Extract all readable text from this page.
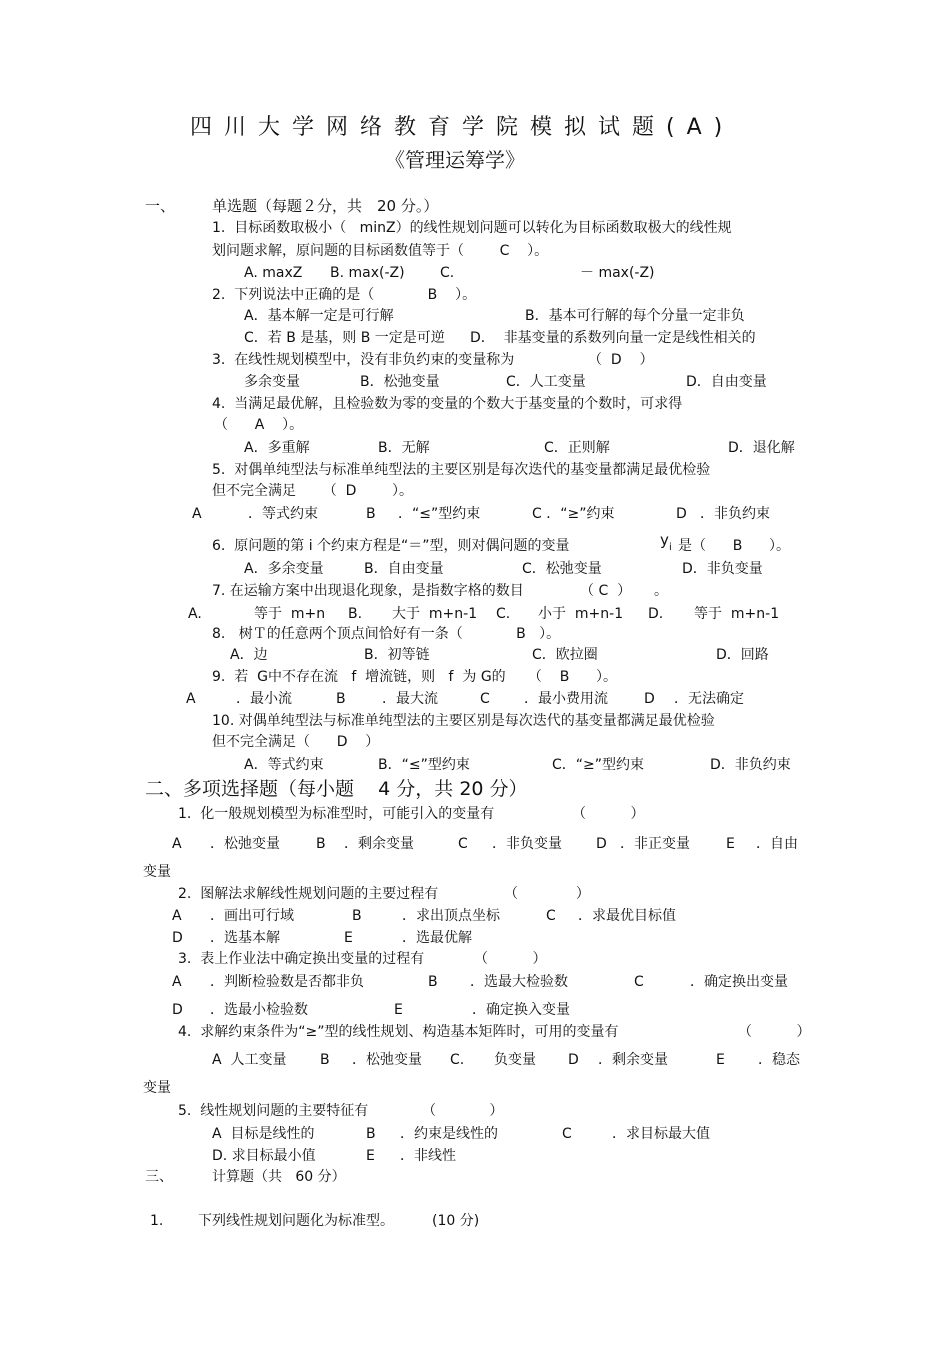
四川大学网络教育学院模拟试题(A)
《管理运筹学》
一、 单选题（每题２分，共　20 分。）
1.  目标函数取极小（   minZ）的线性规划问题可以转化为目标函数取极大的线性规
划问题求解，原问题的目标函数值等于（        C    ）。
A. maxZ B. max(-Z)	C.	－ max(-Z)
2.  下列说法中正确的是（            B    ）。
A．基本解一定是可行解	B．基本可行解的每个分量一定非负
C．若 B 是基，则 B 一定是可逆 D．  非基变量的系数列向量一定是线性相关的
3.  在线性规划模型中，没有非负约束的变量称为	（  D    ）
多余变量	B．松弛变量	C．人工变量	D．自由变量
4.  当满足最优解，且检验数为零的变量的个数大于基变量的个数时，可求得
（      A    ）。
A．多重解	B．无解	C．正则解	D．退化解
5.  对偶单纯型法与标准单纯型法的主要区别是每次迭代的基变量都满足最优检验
但不完全满足      （  D        ）。
A	．等式约束	B ．“≤”型约束	C ．“≥”约束	D ．非负约束
6.  原问题的第 i 个约束方程是“＝”型，则对偶问题的变量	y i 是（      B      ）。
A．多余变量	B．自由变量	C．松弛变量	D．非负变量
7. 在运输方案中出现退化现象，是指数字格的数目	（ C  ） 。
A.	等于  m+n B. 大于  m+n-1 C. 小于  m+n-1 D. 等于  m+n-1
8.   树Ｔ的任意两个顶点间恰好有一条（            B   ）。
A．边	B．初等链	C．欧拉圈	D．回路
9.  若  G中不存在流   f  增流链，则   f  为 G的     （    B      ）。
A	．最小流	B	．最大流	C ．最小费用流	D ．无法确定
10. 对偶单纯型法与标准单纯型法的主要区别是每次迭代的基变量都满足最优检验
但不完全满足（      D    ）
A．等式约束	B．“≤”型约束	C．“≥”型约束	D．非负约束
二、多项选择题（每小题    4 分，共 20 分）
1.  化一般规划模型为标准型时，可能引入的变量有	（          ）
A ．松弛变量	B ．剩余变量	C ．非负变量 D ．非正变量	E ．自由
变量
2.  图解法求解线性规划问题的主要过程有	（             ）
A ．画出可行域	B	．求出顶点坐标	C ．求最优目标值
D ．选基本解	E	．选最优解
3.  表上作业法中确定换出变量的过程有	（          ）
A ．判断检验数是否都非负	B ．选最大检验数	C	．确定换出变量
D ．选最小检验数	E	．确定换入变量
4.  求解约束条件为“≥”型的线性规划、构造基本矩阵时，可用的变量有	（          ）
A  人工变量 B ．松弛变量 C. 负变量 D ．剩余变量	E ．稳态
变量
5.  线性规划问题的主要特征有	（            ）
A  目标是线性的	B ．约束是线性的	C	．求目标最大值
D. 求目标最小值	E ．非线性
三、	计算题（共   60 分）
1. 下列线性规划问题化为标准型。	(10 分)
